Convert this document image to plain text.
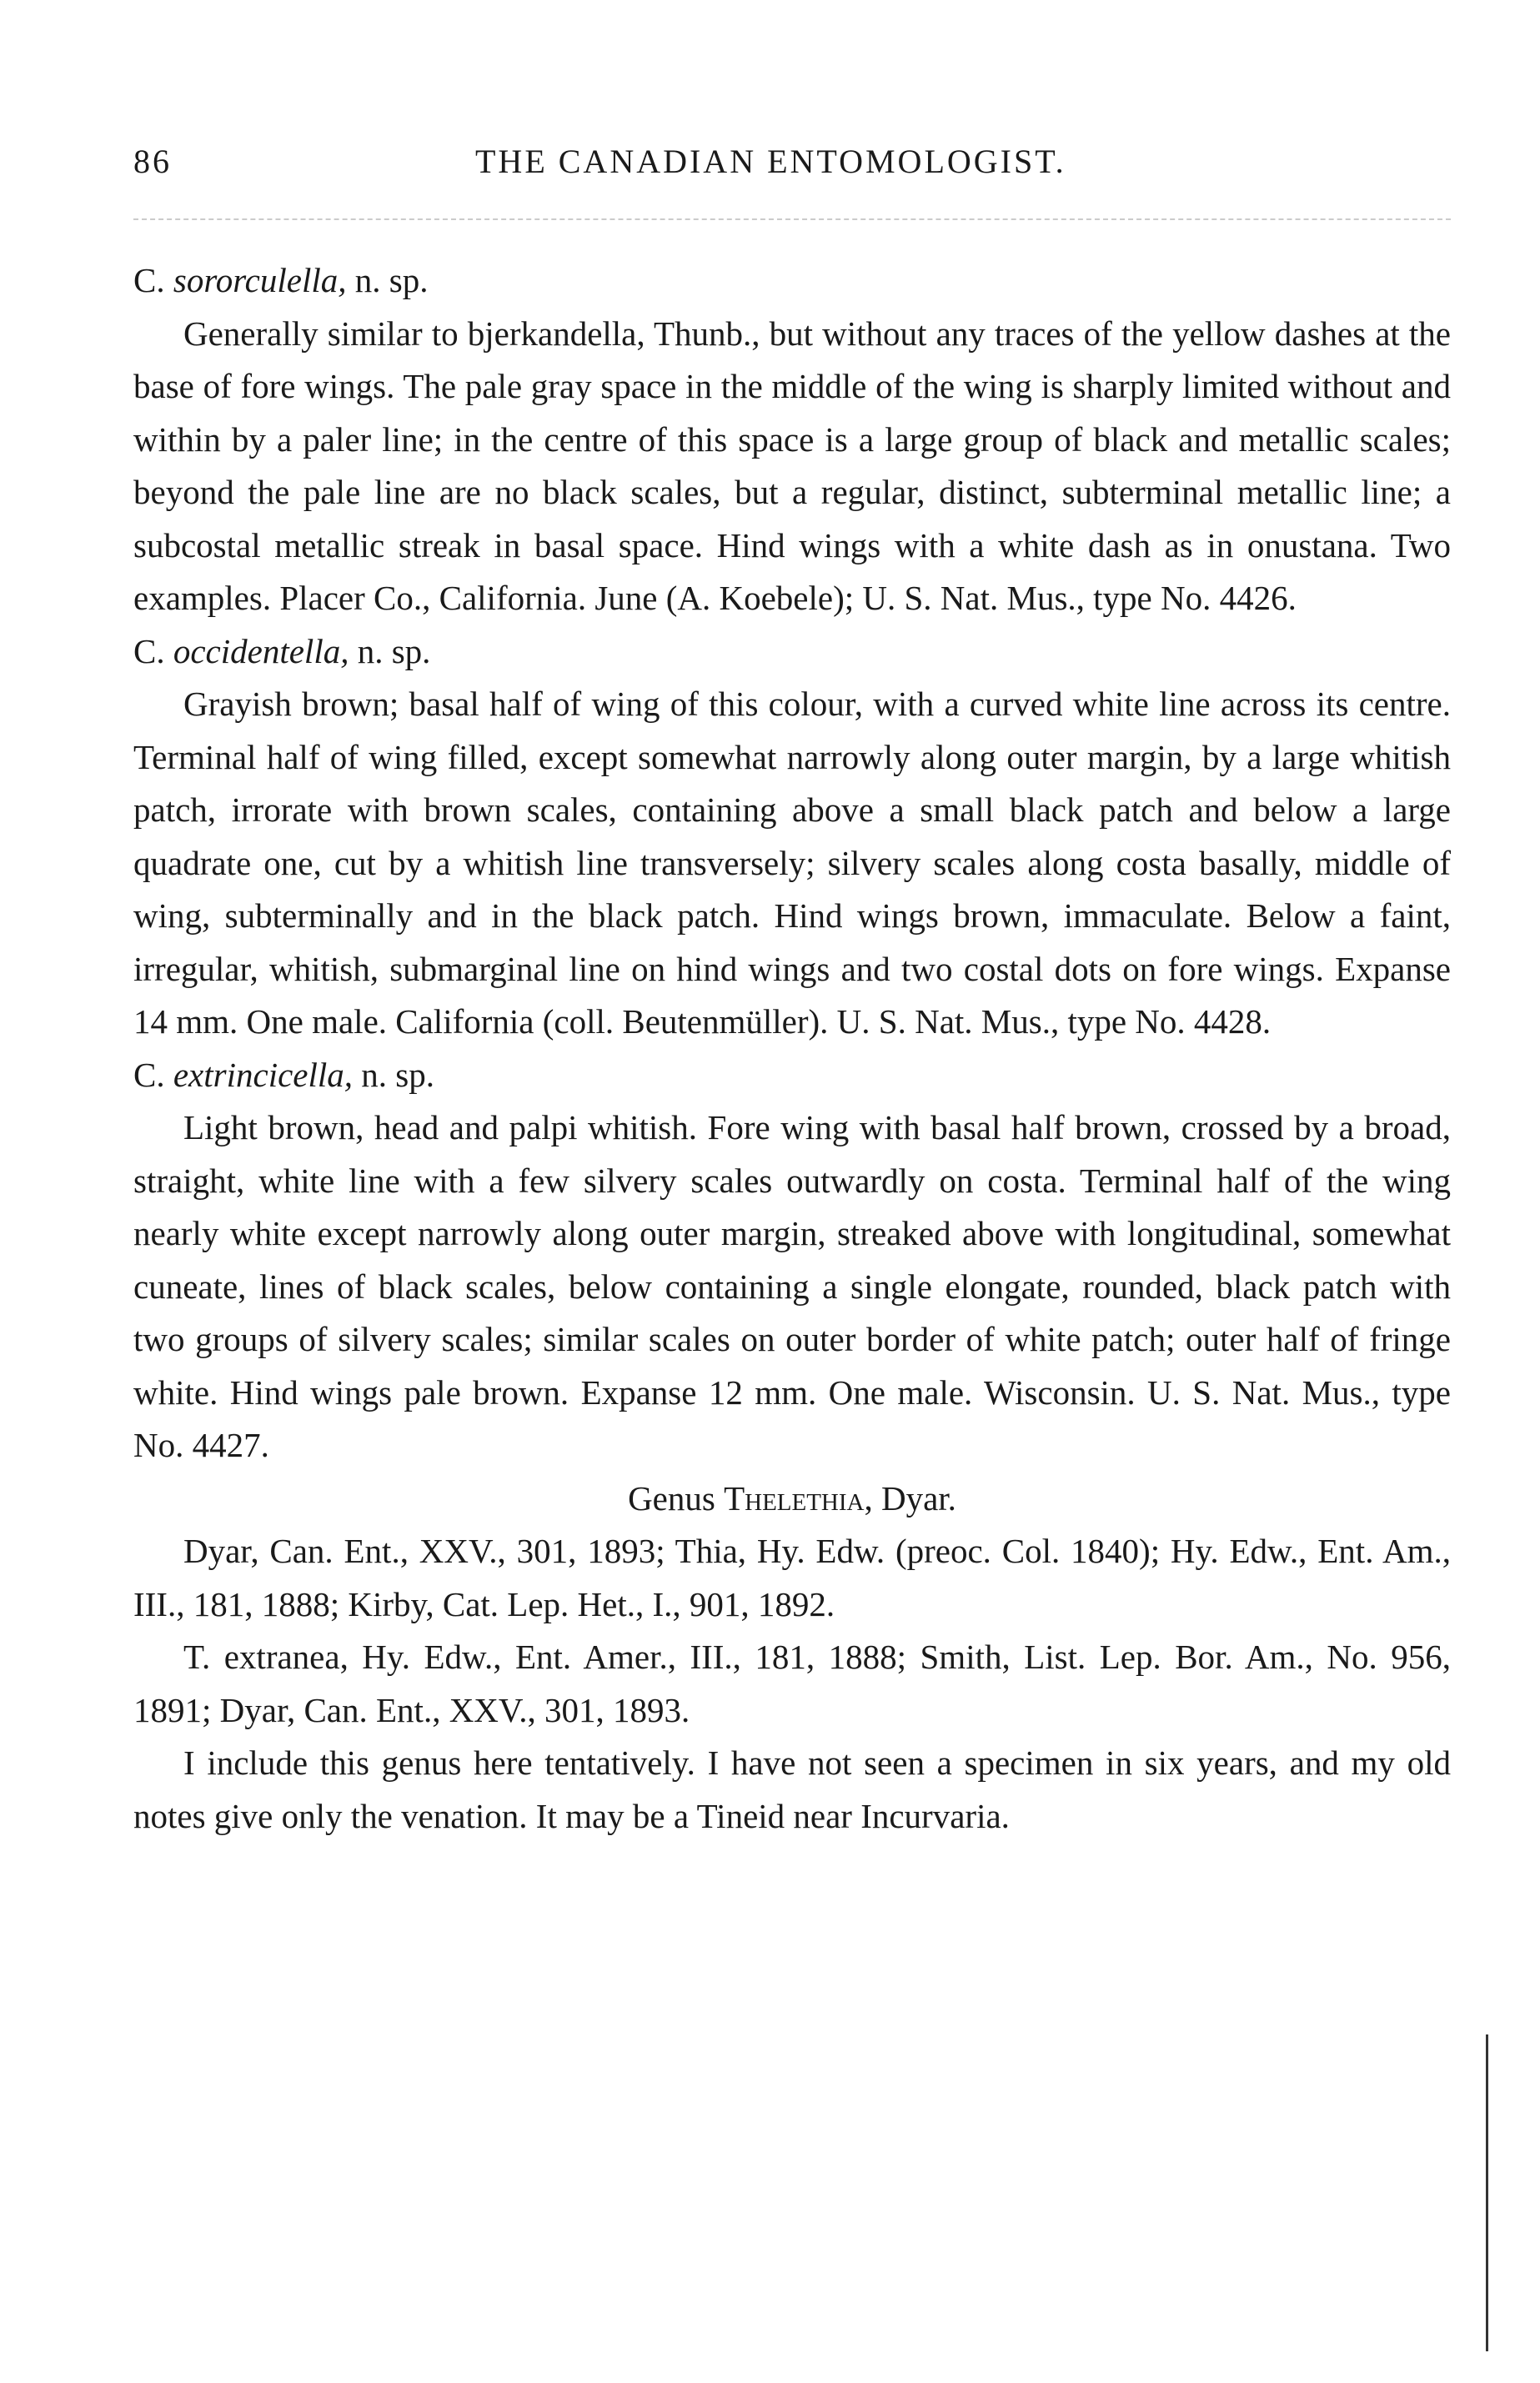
86	THE CANADIAN ENTOMOLOGIST.

C. sororculella, n. sp.

Generally similar to bjerkandella, Thunb., but without any traces of the yellow dashes at the base of fore wings. The pale gray space in the middle of the wing is sharply limited without and within by a paler line; in the centre of this space is a large group of black and metallic scales; beyond the pale line are no black scales, but a regular, distinct, subterminal metallic line; a subcostal metallic streak in basal space. Hind wings with a white dash as in onustana. Two examples. Placer Co., California. June (A. Koebele); U. S. Nat. Mus., type No. 4426.

C. occidentella, n. sp.

Grayish brown; basal half of wing of this colour, with a curved white line across its centre. Terminal half of wing filled, except somewhat narrowly along outer margin, by a large whitish patch, irrorate with brown scales, containing above a small black patch and below a large quadrate one, cut by a whitish line transversely; silvery scales along costa basally, middle of wing, subterminally and in the black patch. Hind wings brown, immaculate. Below a faint, irregular, whitish, submarginal line on hind wings and two costal dots on fore wings. Expanse 14 mm. One male. California (coll. Beutenmüller). U. S. Nat. Mus., type No. 4428.

C. extrincicella, n. sp.

Light brown, head and palpi whitish. Fore wing with basal half brown, crossed by a broad, straight, white line with a few silvery scales outwardly on costa. Terminal half of the wing nearly white except narrowly along outer margin, streaked above with longitudinal, somewhat cuneate, lines of black scales, below containing a single elongate, rounded, black patch with two groups of silvery scales; similar scales on outer border of white patch; outer half of fringe white. Hind wings pale brown. Expanse 12 mm. One male. Wisconsin. U. S. Nat. Mus., type No. 4427.

Genus Thelethia, Dyar.

Dyar, Can. Ent., XXV., 301, 1893; Thia, Hy. Edw. (preoc. Col. 1840); Hy. Edw., Ent. Am., III., 181, 1888; Kirby, Cat. Lep. Het., I., 901, 1892.

T. extranea, Hy. Edw., Ent. Amer., III., 181, 1888; Smith, List. Lep. Bor. Am., No. 956, 1891; Dyar, Can. Ent., XXV., 301, 1893.

I include this genus here tentatively. I have not seen a specimen in six years, and my old notes give only the venation. It may be a Tineid near Incurvaria.
